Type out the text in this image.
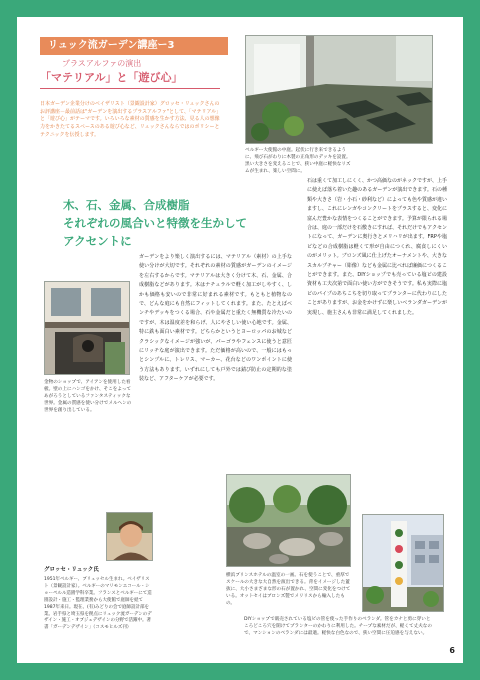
リュック流ガーデン講座ー3
プラスアルファの演出
「マテリアル」と「遊び心」
日本ガーデン企業分けのベイザリスト（景観設計家）グロッセ・リュックさんのお評講座－最前話は"ガーデンを演出するプラスアルファ"として、「マテリアル」と「遊び心」がテーマです。いろいろな素材の質感を生かす方法、見る人の想像力をかきたてるスペースのある遊び心など、リュックさんならではのポリシーとテクニックを伝授します。
ベルギー大使館の中庭。起伏に行き来できるように、飛び石がわりに木製の正角形のデッキを設置。黒い大きさを変えることで、狭い中庭に軽快なリズムが生まれ、楽しい空間に。
木、石、金属、合成樹脂
それぞれの風合いと特徴を生かして
アクセントに
ガーデンをより楽しく演出するには、マテリアル（素材）の上手な使い分けが大切です。それぞれの素材の質感がガーデンのイメージを左右するからです。マテリアルは大きく分けて木、石、金属、合成樹脂などがあります。木はナチュラルで軽く加工がしやすく、しかも価格も安いので非常に好まれる素材です。もともと植物なので、どんな庭にも自然にフィットしてくれます。また、たとえばベンチやデッキをつくる場合、石や金属だと重たく無機質な冷たいのですが、木は温度差を和らげ、人にやさしい使い心地です。金属、特に鉄も面白い素材です。どちらかというとヨーロッパのお城などクラシックなイメージが強いが、パーゴラやフェンスに使うと意匠にリッチな庭が演出できます。ただ価格が高いので、一般にはもっとシンプルに、トレリス、マーカー、花台などのワンポイントに使う方法もあります。いずれにしても戸外では錆び防止の定期的な塗装など、アフターケアが必要です。
石は重くて加工しにくく、かつ高価なのがネックですが、上手に使えば落ち着いた趣のあるガーデンが演出できます。石の種類や大きさ（岩・小石・砂利など）によっても色や質感が違いますし、これにレンガやコンクリートをプラスすると、変化に富んだ豊かな表情をつくることができます。予算が限られる場合は、庭の一部だけを石敷きにすれば、それだけでもアクセントになって、ガーデンに奥行きとメリハリが出ます。FRPや塩ビなどの合成樹脂は軽くて形が自由につくれ、腐食しにくいのがメリット。ブロンズ風に仕上げたオーナメントや、大きなスカルプチャー（彫像）なども金属に比べれば廉価につくることができます。また、DIYショップでも売っている塩ビの建設資材も工夫次第で面白い使い方ができそうです。私も実際に塩ビのパイプのあちこちを切り取ってプランターに代わりにしたことがありますが、お金をかけずに楽しいベランダガーデンが実現し、施主さんも非常に満足してくれました。
金物のショップで、アイアンを使用した看板。壁の上にハンゴをかけ、そこをよってあがろうとしているファンタスティックな世界。金属の質感を使い分けでメルヘンの世界を創り出している。
グロッセ・リュック氏
1951年ベルギー、ブリュッセル生まれ。ベイザリスト（景観設計家）。ベルギーのマリモンエコール・ショーペルル造園学科卒業。フランスとベルギーにて造園設計・施工・監理業務から大使館で庭師を経て1987年来日。現在、(有)みどりの会で庭師設計部を業。岩手県と埼玉県を拠点にリュック流ガーデンのデザイン・施工・オブジェデザインの分野で活躍中。著書「ガーデンデザイン」（コスモヒルズ刊）
横浜ブリンスホテルの温室の一画。石を使うことで、重厚でスケールの大きな大自然を演出できる。背をイメージした蓋抜に、大小さまざまな形の石が置かれ、空間に変化をつけている。オットセイはブロンズ製でメリリスから輸入したもの。
DIYショップで販売されている塩ビの管を使った手作りのベランダ。管をカナと剪に穿いところどころ穴を開けてプランターのかわりに利用した。チープな素材だが、軽くて丈夫なので、マンションのベランダには最適。軽快な白色なので、狭い空間に圧迫感を与えない。
6
